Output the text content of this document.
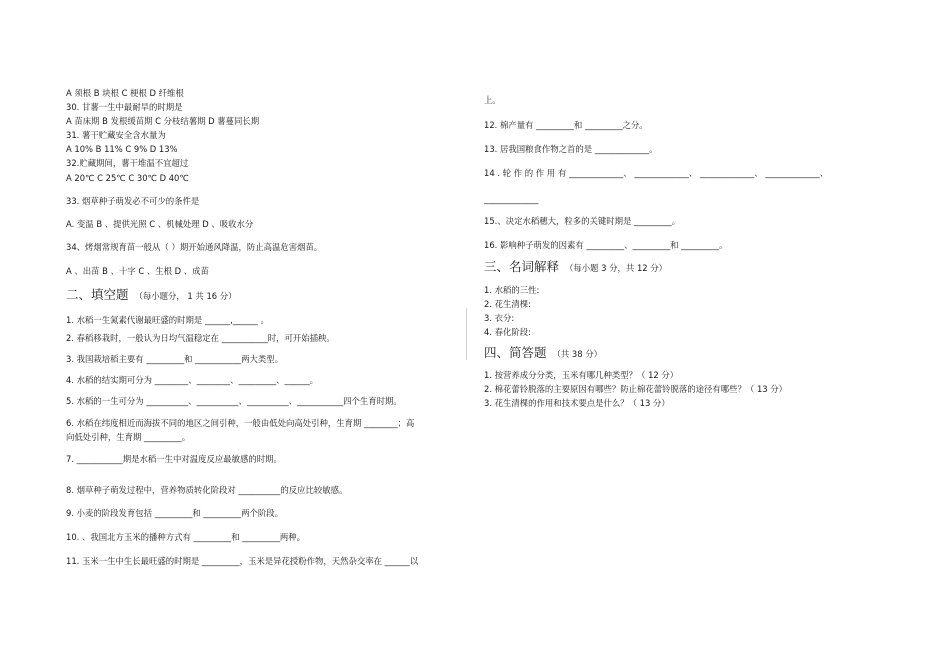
A 须根 B 块根 C 梗根 D 纤维根
30. 甘薯一生中最耐旱的时期是
A 苗床期 B 发根缓苗期 C 分枝结薯期 D 薯蔓同长期
31. 薯干贮藏安全含水量为
A 10% B 11% C 9% D 13%
32.贮藏期间，薯干堆温不宜超过
A 20℃ C 25℃ C 30℃ D 40℃
33. 烟草种子萌发必不可少的条件是
A. 变温 B 、提供光照 C 、机械处理 D 、吸收水分
34、烤烟常规育苗一般从（ ）期开始通风降温，防止高温危害烟苗。
A 、出苗 B 、十字 C 、生根 D 、成苗
二、填空题 （每小题分， 1 共 16 分）
1. 水稻一生氮素代谢最旺盛的时期是 ______,______ 。
2. 春稻移栽时，一般认为日均气温稳定在 ___________时，可开始插秧。
3. 我国栽培稻主要有 _________和 ___________两大类型。
4. 水稻的结实期可分为 ________、________、_________、______。
5. 水稻的一生可分为 __________、__________、__________、___________四个生育时期。
6. 水稻在纬度相近而海拔不同的地区之间引种，一般由低处向高处引种，生育期 ________；高
向低处引种，生育期 _________。
7. ___________期是水稻一生中对温度反应最敏感的时期。
8. 烟草种子萌发过程中，营养物质转化阶段对 __________的反应比较敏感。
9. 小麦的阶段发育包括 _________和 _________两个阶段。
10. 、我国北方玉米的播种方式有 _________和 _________两种。
11. 玉米一生中生长最旺盛的时期是 _________，玉米是异花授粉作物，天然杂交率在 ______以
上。
12. 棉产量有 _________和 _________之分。
13. 居我国粮食作物之首的是 _____________。
14 . 轮 作 的 作 用 有 _____________、 _____________、 _____________、 _____________、
_____________
15.、决定水稻穗大，粒多的关键时期是 _________。
16. 影响种子萌发的因素有 _________、_________和 _________。
三、名词解释 （每小题 3 分，共 12 分）
1. 水稻的三性:
2. 花生清棵:
3. 衣分:
4. 春化阶段:
四、简答题 （共 38 分）
1. 按营养成分分类，玉米有哪几种类型？（ 12 分）
2. 棉花蕾铃脱落的主要原因有哪些？防止棉花蕾铃脱落的途径有哪些？（ 13 分）
3. 花生清棵的作用和技术要点是什么？（ 13 分）
